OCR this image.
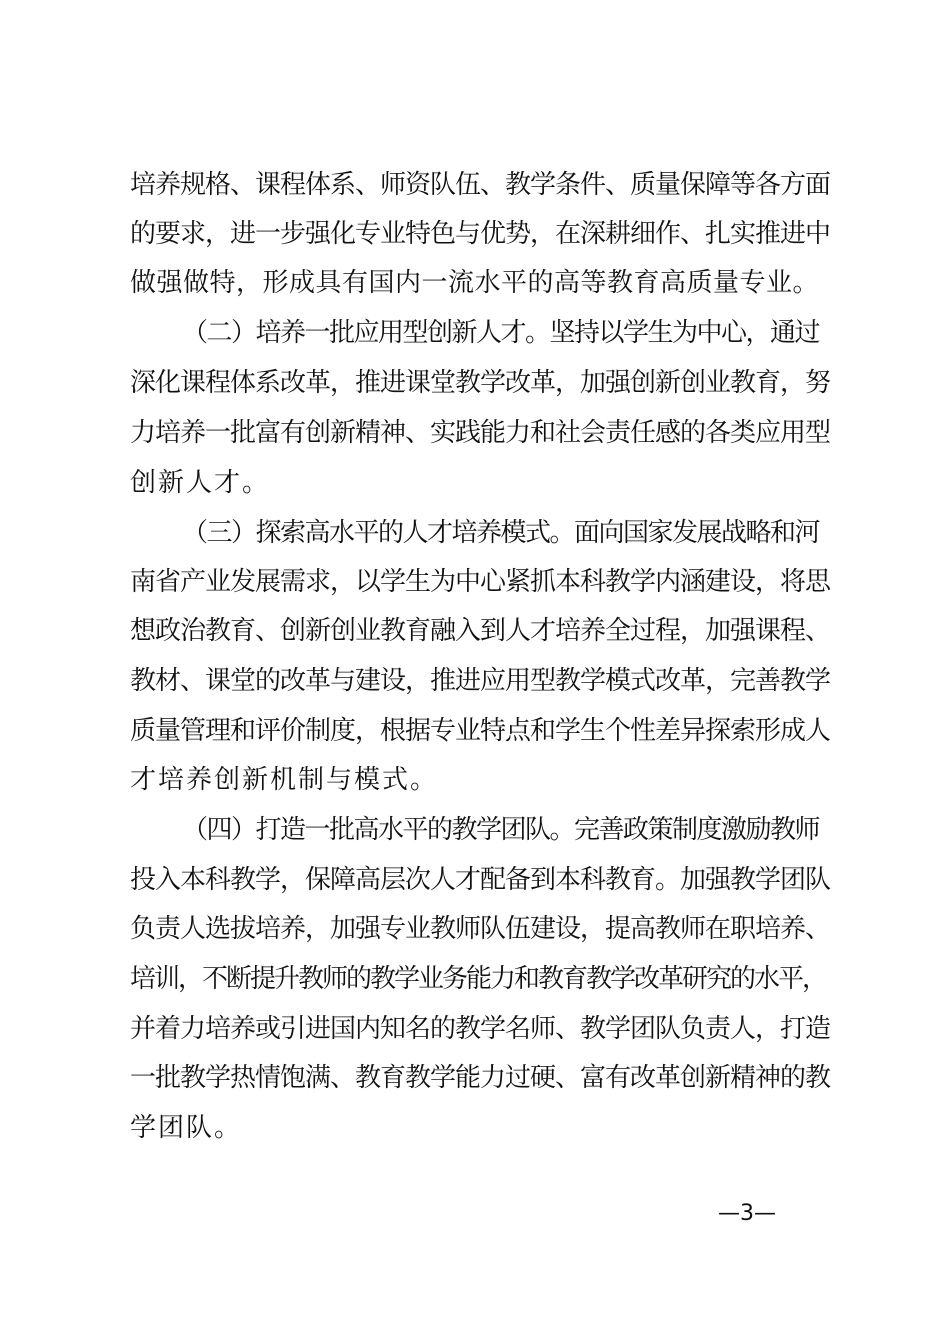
培养规格、课程体系、师资队伍、教学条件、质量保障等各方面
的要求，进一步强化专业特色与优势，在深耕细作、扎实推进中
做强做特，形成具有国内一流水平的高等教育高质量专业。
（二）培养一批应用型创新人才。坚持以学生为中心，通过
深化课程体系改革，推进课堂教学改革，加强创新创业教育，努
力培养一批富有创新精神、实践能力和社会责任感的各类应用型
创新人才。
（三）探索高水平的人才培养模式。面向国家发展战略和河
南省产业发展需求，以学生为中心紧抓本科教学内涵建设，将思
想政治教育、创新创业教育融入到人才培养全过程，加强课程、
教材、课堂的改革与建设，推进应用型教学模式改革，完善教学
质量管理和评价制度，根据专业特点和学生个性差异探索形成人
才培养创新机制与模式。
（四）打造一批高水平的教学团队。完善政策制度激励教师
投入本科教学，保障高层次人才配备到本科教育。加强教学团队
负责人选拔培养，加强专业教师队伍建设，提高教师在职培养、
培训，不断提升教师的教学业务能力和教育教学改革研究的水平，
并着力培养或引进国内知名的教学名师、教学团队负责人，打造
一批教学热情饱满、教育教学能力过硬、富有改革创新精神的教
学团队。
—3—
